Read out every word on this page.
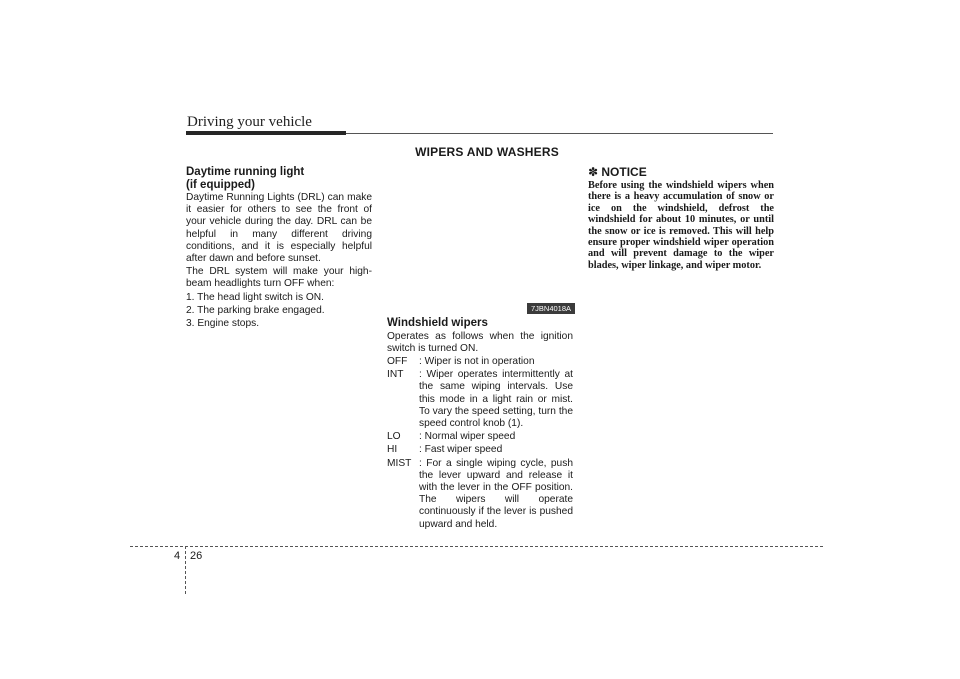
Driving your vehicle
WIPERS AND WASHERS
Daytime running light
(if equipped)

Daytime Running Lights (DRL) can make it easier for others to see the front of your vehicle during the day. DRL can be helpful in many different driving conditions, and it is especially helpful after dawn and before sunset.

The DRL system will make your high-beam headlights turn OFF when:

1. The head light switch is ON.

2. The parking brake engaged.

3. Engine stops.

7JBN4018A
Windshield wipers

Operates as follows when the ignition switch is turned ON.

OFF	: Wiper is not in operation
INT	: Wiper operates intermittently at the same wiping intervals. Use this mode in a light rain or mist. To vary the speed setting, turn the speed control knob (1).
LO	: Normal wiper speed
HI	: Fast wiper speed
MIST : For a single wiping cycle, push the lever upward and release it with the lever in the OFF position. The wipers will operate continuously if the lever is pushed upward and held.
✽ NOTICE
Before using the windshield wipers when there is a heavy accumulation of snow or ice on the windshield, defrost the windshield for about 10 minutes, or until the snow or ice is removed. This will help ensure proper windshield wiper operation and will prevent damage to the wiper blades, wiper linkage, and wiper motor.
4 26
